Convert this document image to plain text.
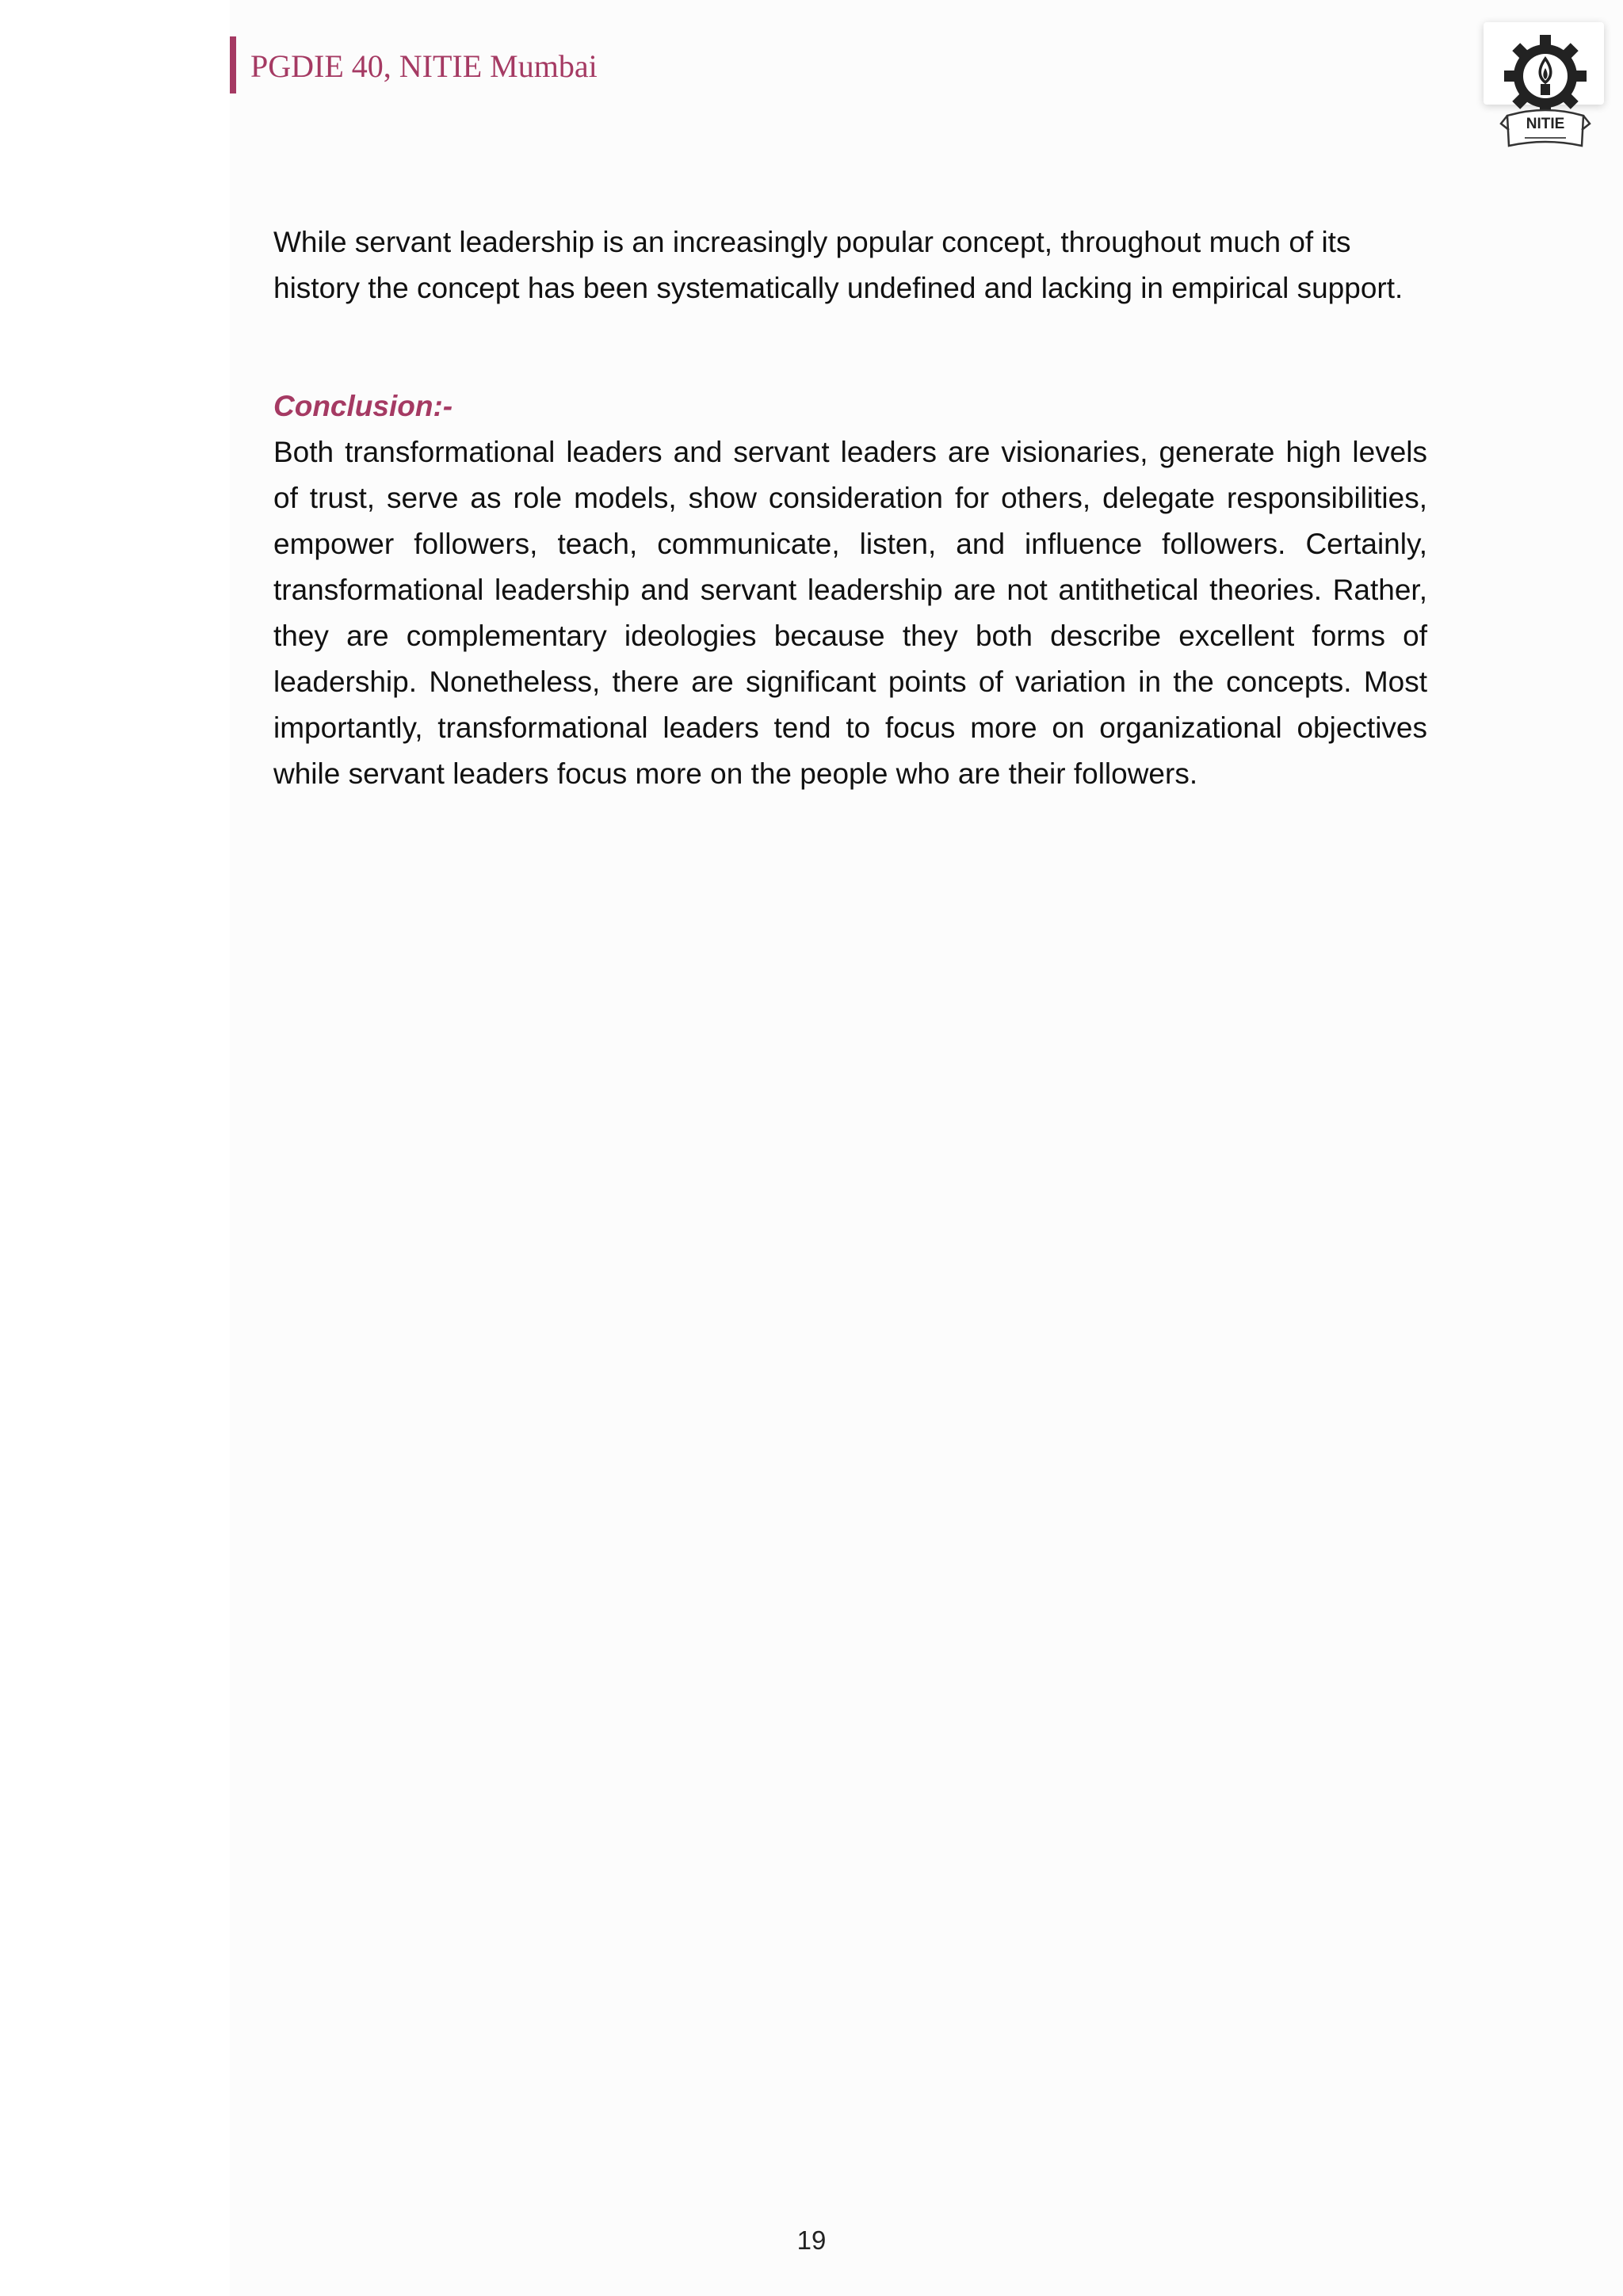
PGDIE 40, NITIE Mumbai
NITIE

While servant leadership is an increasingly popular concept, throughout much of its history the concept has been systematically undefined and lacking in empirical support.

Conclusion:-

Both transformational leaders and servant leaders are visionaries, generate high levels of trust, serve as role models, show consideration for others, delegate responsibilities, empower followers, teach, communicate, listen, and influence followers. Certainly, transformational leadership and servant leadership are not antithetical theories. Rather, they are complementary ideologies because they both describe excellent forms of leadership. Nonetheless, there are significant points of variation in the concepts. Most importantly, transformational leaders tend to focus more on organizational objectives while servant leaders focus more on the people who are their followers.

19
